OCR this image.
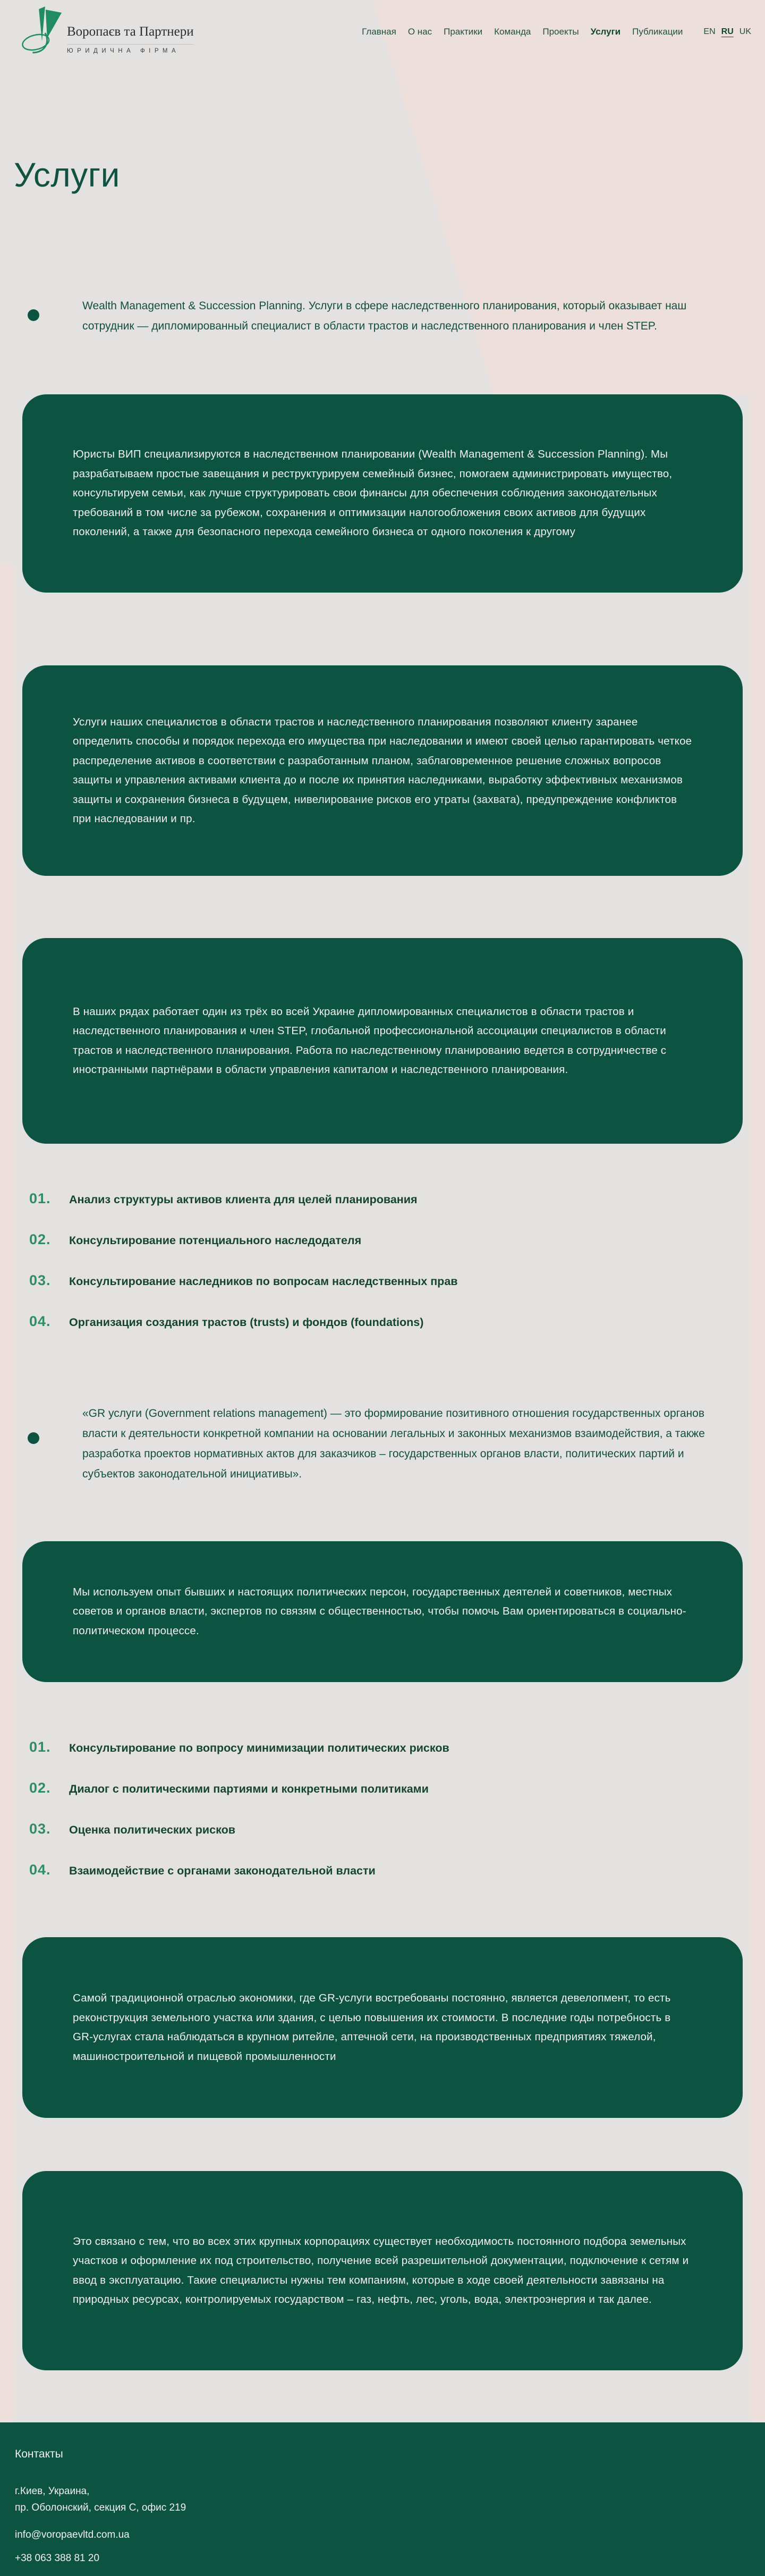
Воропаєв та Партнери
ЮРИДИЧНА ФІРМА
Главная О нас Практики Команда Проекты Услуги Публикации EN RU UK
Услуги

Wealth Management & Succession Planning. Услуги в сфере наследственного планирования, который оказывает наш сотрудник — дипломированный специалист в области трастов и наследственного планирования и член STEP.

Юристы ВИП специализируются в наследственном планировании (Wealth Management & Succession Planning). Мы разрабатываем простые завещания и реструктурируем семейный бизнес, помогаем администрировать имущество, консультируем семьи, как лучше структурировать свои финансы для обеспечения соблюдения законодательных требований в том числе за рубежом, сохранения и оптимизации налогообложения своих активов для будущих поколений, а также для безопасного перехода семейного бизнеса от одного поколения к другому
Услуги наших специалистов в области трастов и наследственного планирования позволяют клиенту заранее определить способы и порядок перехода его имущества при наследовании и имеют своей целью гарантировать четкое распределение активов в соответствии с разработанным планом, заблаговременное решение сложных вопросов защиты и управления активами клиента до и после их принятия наследниками, выработку эффективных механизмов защиты и сохранения бизнеса в будущем, нивелирование рисков его утраты (захвата), предупреждение конфликтов при наследовании и пр.
В наших рядах работает один из трёх во всей Украине дипломированных специалистов в области трастов и наследственного планирования и член STEP, глобальной профессиональной ассоциации специалистов в области трастов и наследственного планирования. Работа по наследственному планированию ведется в сотрудничестве с иностранными партнёрами в области управления капиталом и наследственного планирования.
01.	Анализ структуры активов клиента для целей планирования
02.	Консультирование потенциального наследодателя
03.	Консультирование наследников по вопросам наследственных прав
04.	Организация создания трастов (trusts) и фондов (foundations)

«GR услуги (Government relations management) — это формирование позитивного отношения государственных органов власти к деятельности конкретной компании на основании легальных и законных механизмов взаимодействия, а также разработка проектов нормативных актов для заказчиков – государственных органов власти, политических партий и субъектов законодательной инициативы».

Мы используем опыт бывших и настоящих политических персон, государственных деятелей и советников, местных советов и органов власти, экспертов по связям с общественностью, чтобы помочь Вам ориентироваться в социально-политическом процессе.
01.	Консультирование по вопросу минимизации политических рисков
02.	Диалог с политическими партиями и конкретными политиками
03.	Оценка политических рисков
04.	Взаимодействие с органами законодательной власти
Самой традиционной отраслью экономики, где GR-услуги востребованы постоянно, является девелопмент, то есть реконструкция земельного участка или здания, с целью повышения их стоимости. В последние годы потребность в GR-услугах стала наблюдаться в крупном ритейле, аптечной сети, на производственных предприятиях тяжелой, машиностроительной и пищевой промышленности
Это связано с тем, что во всех этих крупных корпорациях существует необходимость постоянного подбора земельных участков и оформление их под строительство, получение всей разрешительной документации, подключение к сетям и ввод в эксплуатацию. Такие специалисты нужны тем компаниям, которые в ходе своей деятельности завязаны на природных ресурсах, контролируемых государством – газ, нефть, лес, уголь, вода, электроэнергия и так далее.

Контакты

г.Киев, Украина,
пр. Оболонский, секция С, офис 219
info@voropaevltd.com.ua
+38 063 388 81 20
